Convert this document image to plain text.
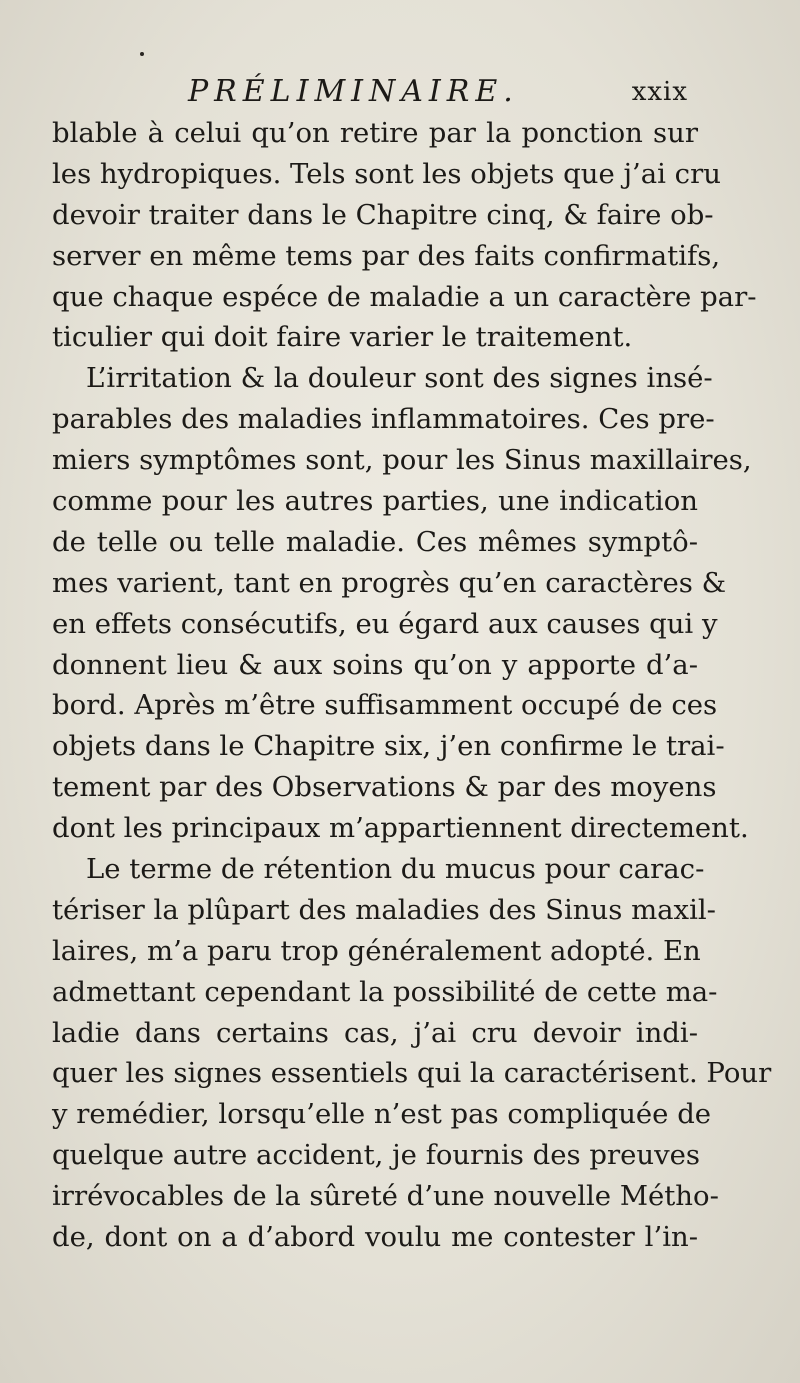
PRÉLIMINAIRE.	xxix
blable à celui qu’on retire par la ponction sur
les hydropiques. Tels sont les objets que j’ai cru
devoir traiter dans le Chapitre cinq, & faire ob-
server en même tems par des faits confirmatifs,
que chaque espéce de maladie a un caractère par-
ticulier qui doit faire varier le traitement.
L’irritation & la douleur sont des signes insé-
parables des maladies inflammatoires. Ces pre-
miers symptômes sont, pour les Sinus maxillaires,
comme pour les autres parties, une indication
de telle ou telle maladie. Ces mêmes symptô-
mes varient, tant en progrès qu’en caractères &
en effets consécutifs, eu égard aux causes qui y
donnent lieu & aux soins qu’on y apporte d’a-
bord. Après m’être suffisamment occupé de ces
objets dans le Chapitre six, j’en confirme le trai-
tement par des Observations & par des moyens
dont les principaux m’appartiennent directement.
Le terme de rétention du mucus pour carac-
tériser la plûpart des maladies des Sinus maxil-
laires, m’a paru trop généralement adopté. En
admettant cependant la possibilité de cette ma-
ladie dans certains cas, j’ai cru devoir indi-
quer les signes essentiels qui la caractérisent. Pour
y remédier, lorsqu’elle n’est pas compliquée de
quelque autre accident, je fournis des preuves
irrévocables de la sûreté d’une nouvelle Métho-
de, dont on a d’abord voulu me contester l’in-
